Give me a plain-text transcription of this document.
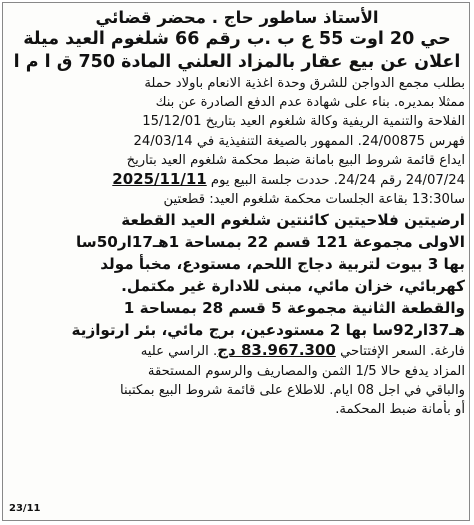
الأستاذ ساطور حاج . محضر قضائي
حي 20 اوت 55 ع ب .ب رقم 66 شلغوم العيد ميلة
اعلان عن بيع عقار بالمزاد العلني المادة 750 ق ا م ا
بطلب مجمع الدواجن للشرق وحدة اغذية الانعام باولاد حملة
ممثلا بمديره. بناء على شهادة عدم الدفع الصادرة عن بنك
الفلاحة والتنمية الريفية وكالة شلغوم العيد بتاريخ 15/12/01
فهرس 24/00875. الممهور بالصيغة التنفيذية في 24/03/14
ايداع قائمة شروط البيع بامانة ضبط محكمة شلغوم العيد بتاريخ
24/07/24 رقم 24/24. حددت جلسة البيع يوم 2025/11/11
سا13:30 بقاعة الجلسات محكمة شلغوم العيد: قطعتين
ارضيتين فلاحيتين كائنتين شلغوم العيد القطعة
الاولى مجموعة 121 قسم 22 بمساحة 1هـ17ار50سا
بها 3 بيوت لتربية دجاج اللحم، مستودع، مخبأ مولد
كهربائي، خزان مائي، مبنى للادارة غير مكتمل.
والقطعة الثانية مجموعة 5 قسم 28 بمساحة 1
هـ37ار92سا بها 2 مستودعين، برج مائي، بئر ارتوازية
فارغة. السعر الإفتتاحي 83.967.300 دج. الراسي عليه
المزاد يدفع حالا 1/5 الثمن والمصاريف والرسوم المستحقة
والباقي في اجل 08 ايام. للاطلاع على قائمة شروط البيع بمكتبنا
أو بأمانة ضبط المحكمة.
23/11
